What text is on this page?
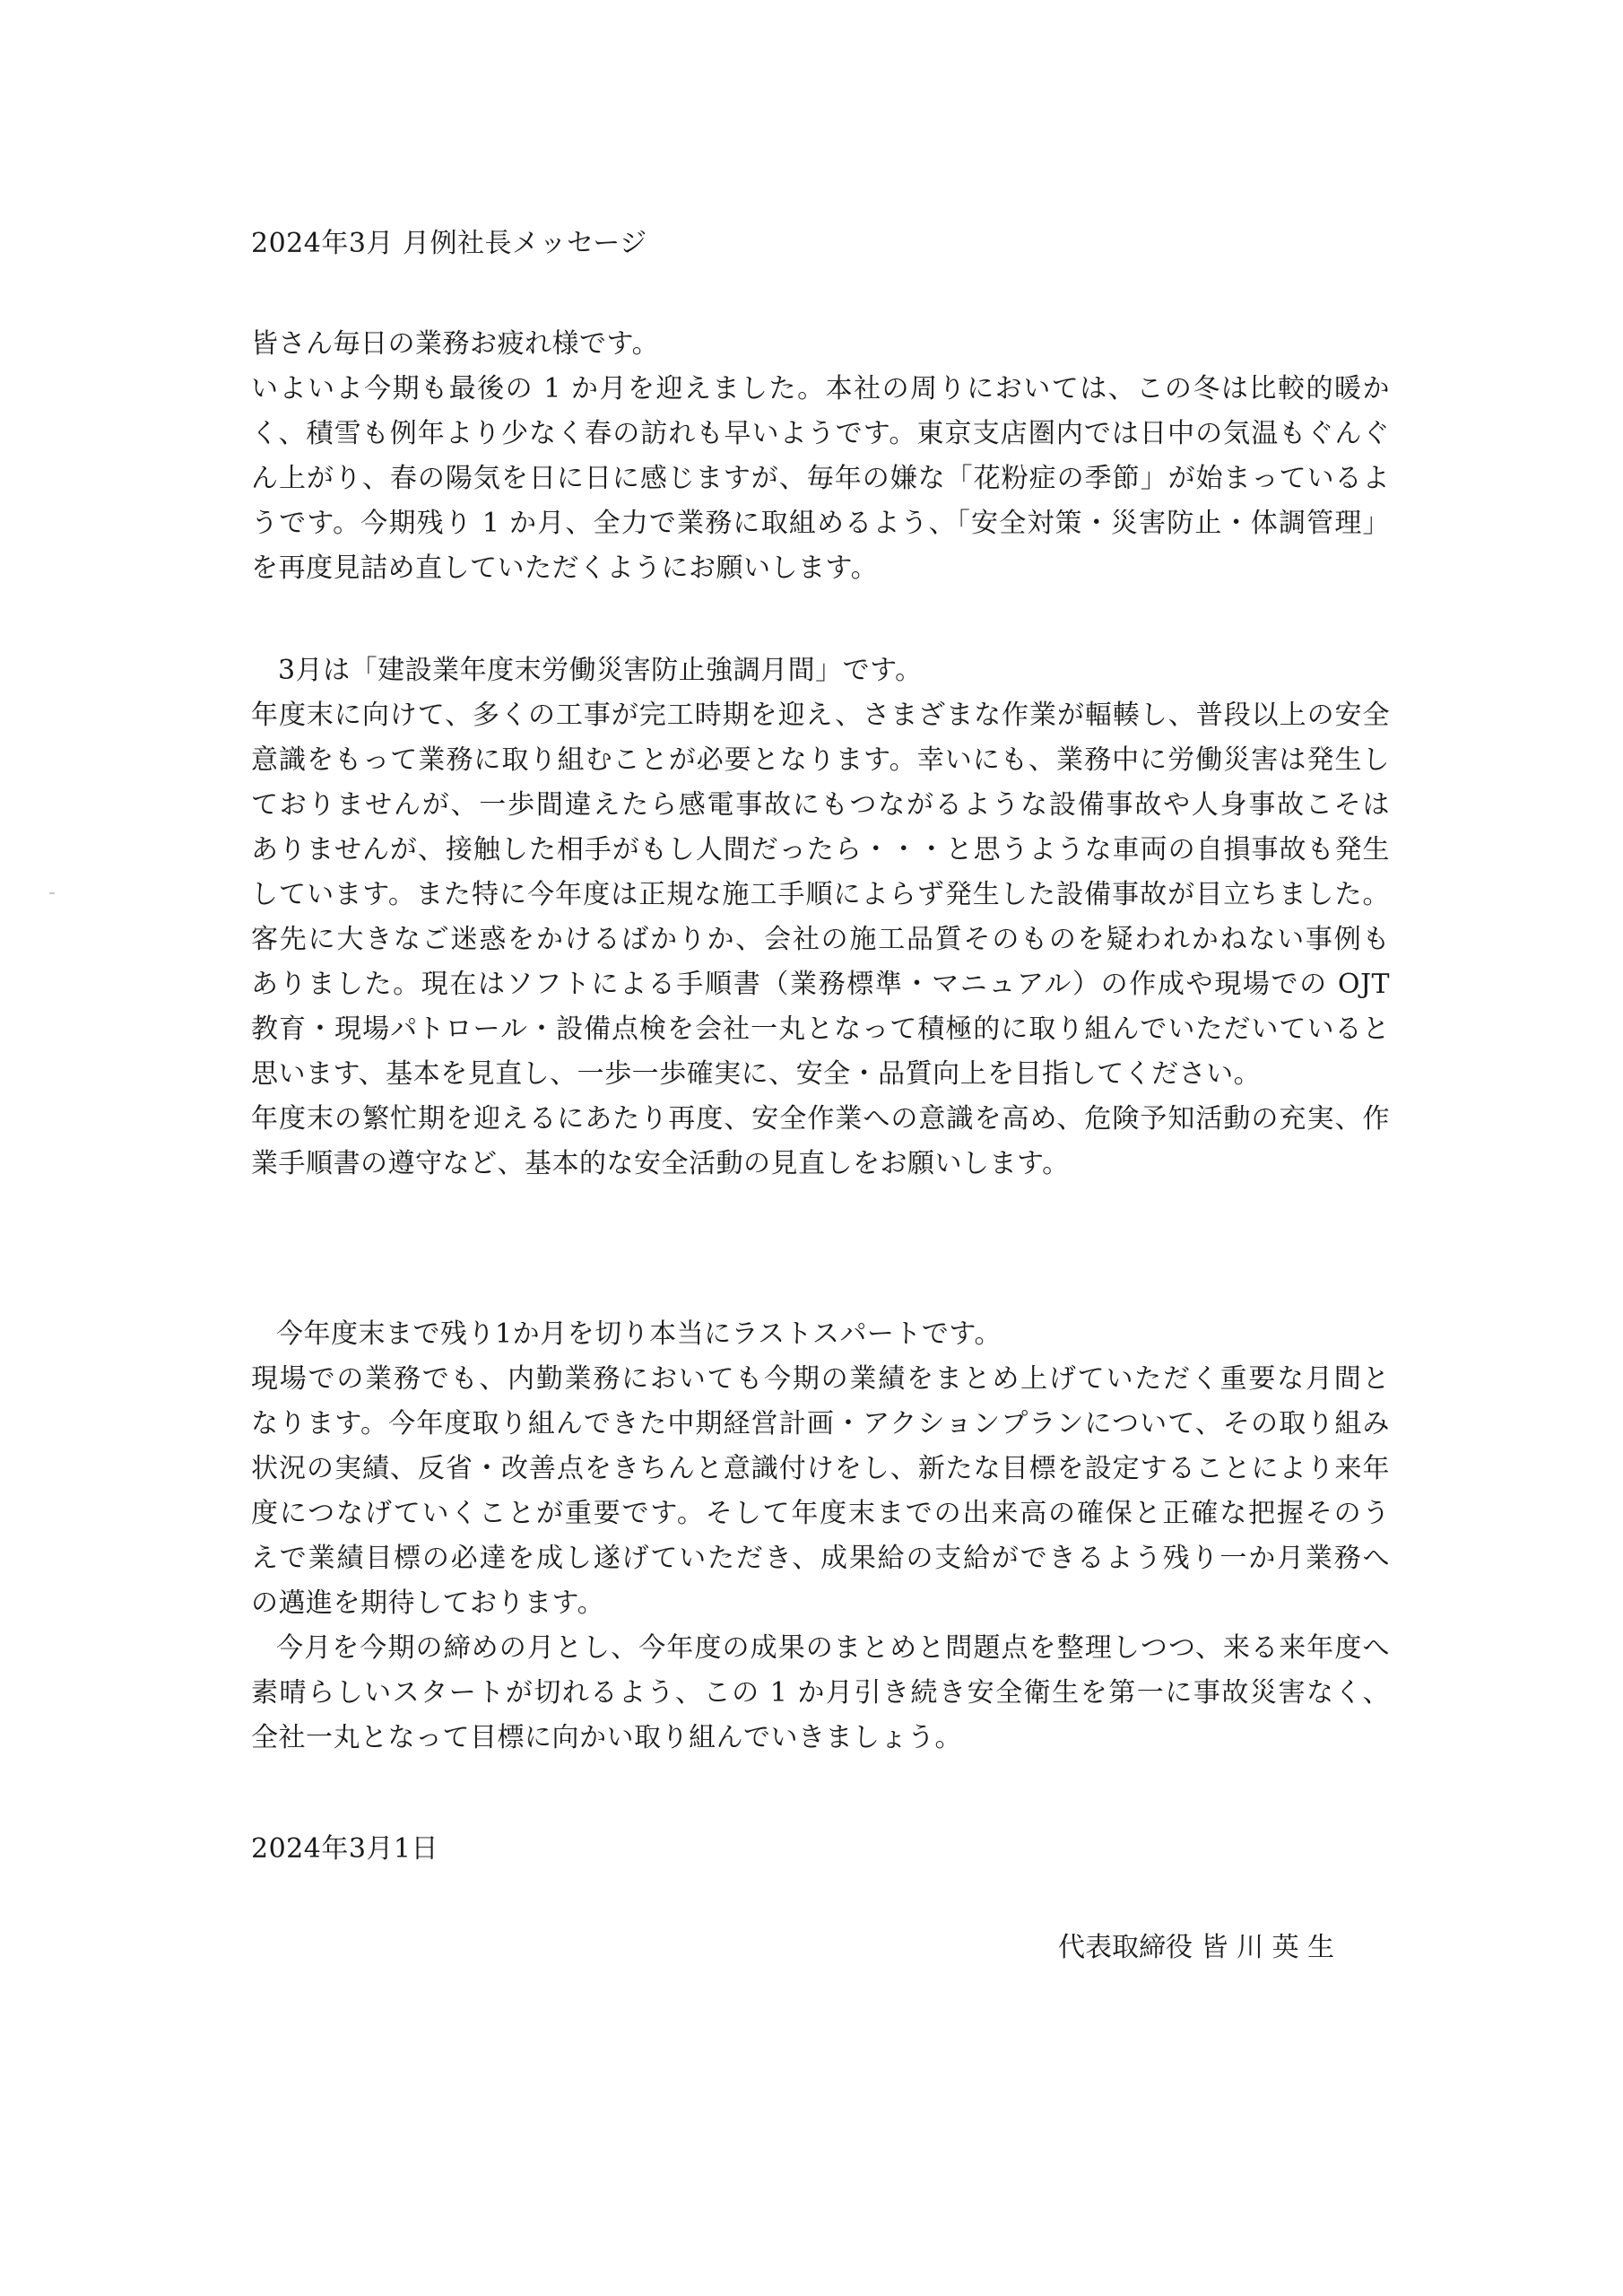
2024年3月 月例社長メッセージ
皆さん毎日の業務お疲れ様です。
いよいよ今期も最後の 1 か月を迎えました。本社の周りにおいては、この冬は比較的暖か
く、積雪も例年より少なく春の訪れも早いようです。東京支店圏内では日中の気温もぐんぐ
ん上がり、春の陽気を日に日に感じますが、毎年の嫌な「花粉症の季節」が始まっているよ
うです。今期残り 1 か月、全力で業務に取組めるよう、「安全対策・災害防止・体調管理」
を再度見詰め直していただくようにお願いします。
3月は「建設業年度末労働災害防止強調月間」です。
年度末に向けて、多くの工事が完工時期を迎え、さまざまな作業が輻輳し、普段以上の安全
意識をもって業務に取り組むことが必要となります。幸いにも、業務中に労働災害は発生し
ておりませんが、一歩間違えたら感電事故にもつながるような設備事故や人身事故こそは
ありませんが、接触した相手がもし人間だったら・・・と思うような車両の自損事故も発生
しています。また特に今年度は正規な施工手順によらず発生した設備事故が目立ちました。
客先に大きなご迷惑をかけるばかりか、会社の施工品質そのものを疑われかねない事例も
ありました。現在はソフトによる手順書（業務標準・マニュアル）の作成や現場での OJT
教育・現場パトロール・設備点検を会社一丸となって積極的に取り組んでいただいていると
思います、基本を見直し、一歩一歩確実に、安全・品質向上を目指してください。
年度末の繁忙期を迎えるにあたり再度、安全作業への意識を高め、危険予知活動の充実、作
業手順書の遵守など、基本的な安全活動の見直しをお願いします。
今年度末まで残り1か月を切り本当にラストスパートです。
現場での業務でも、内勤業務においても今期の業績をまとめ上げていただく重要な月間と
なります。今年度取り組んできた中期経営計画・アクションプランについて、その取り組み
状況の実績、反省・改善点をきちんと意識付けをし、新たな目標を設定することにより来年
度につなげていくことが重要です。そして年度末までの出来高の確保と正確な把握そのう
えで業績目標の必達を成し遂げていただき、成果給の支給ができるよう残り一か月業務へ
の邁進を期待しております。
今月を今期の締めの月とし、今年度の成果のまとめと問題点を整理しつつ、来る来年度へ
素晴らしいスタートが切れるよう、この 1 か月引き続き安全衛生を第一に事故災害なく、
全社一丸となって目標に向かい取り組んでいきましょう。
2024年3月1日
代表取締役 皆 川 英 生
